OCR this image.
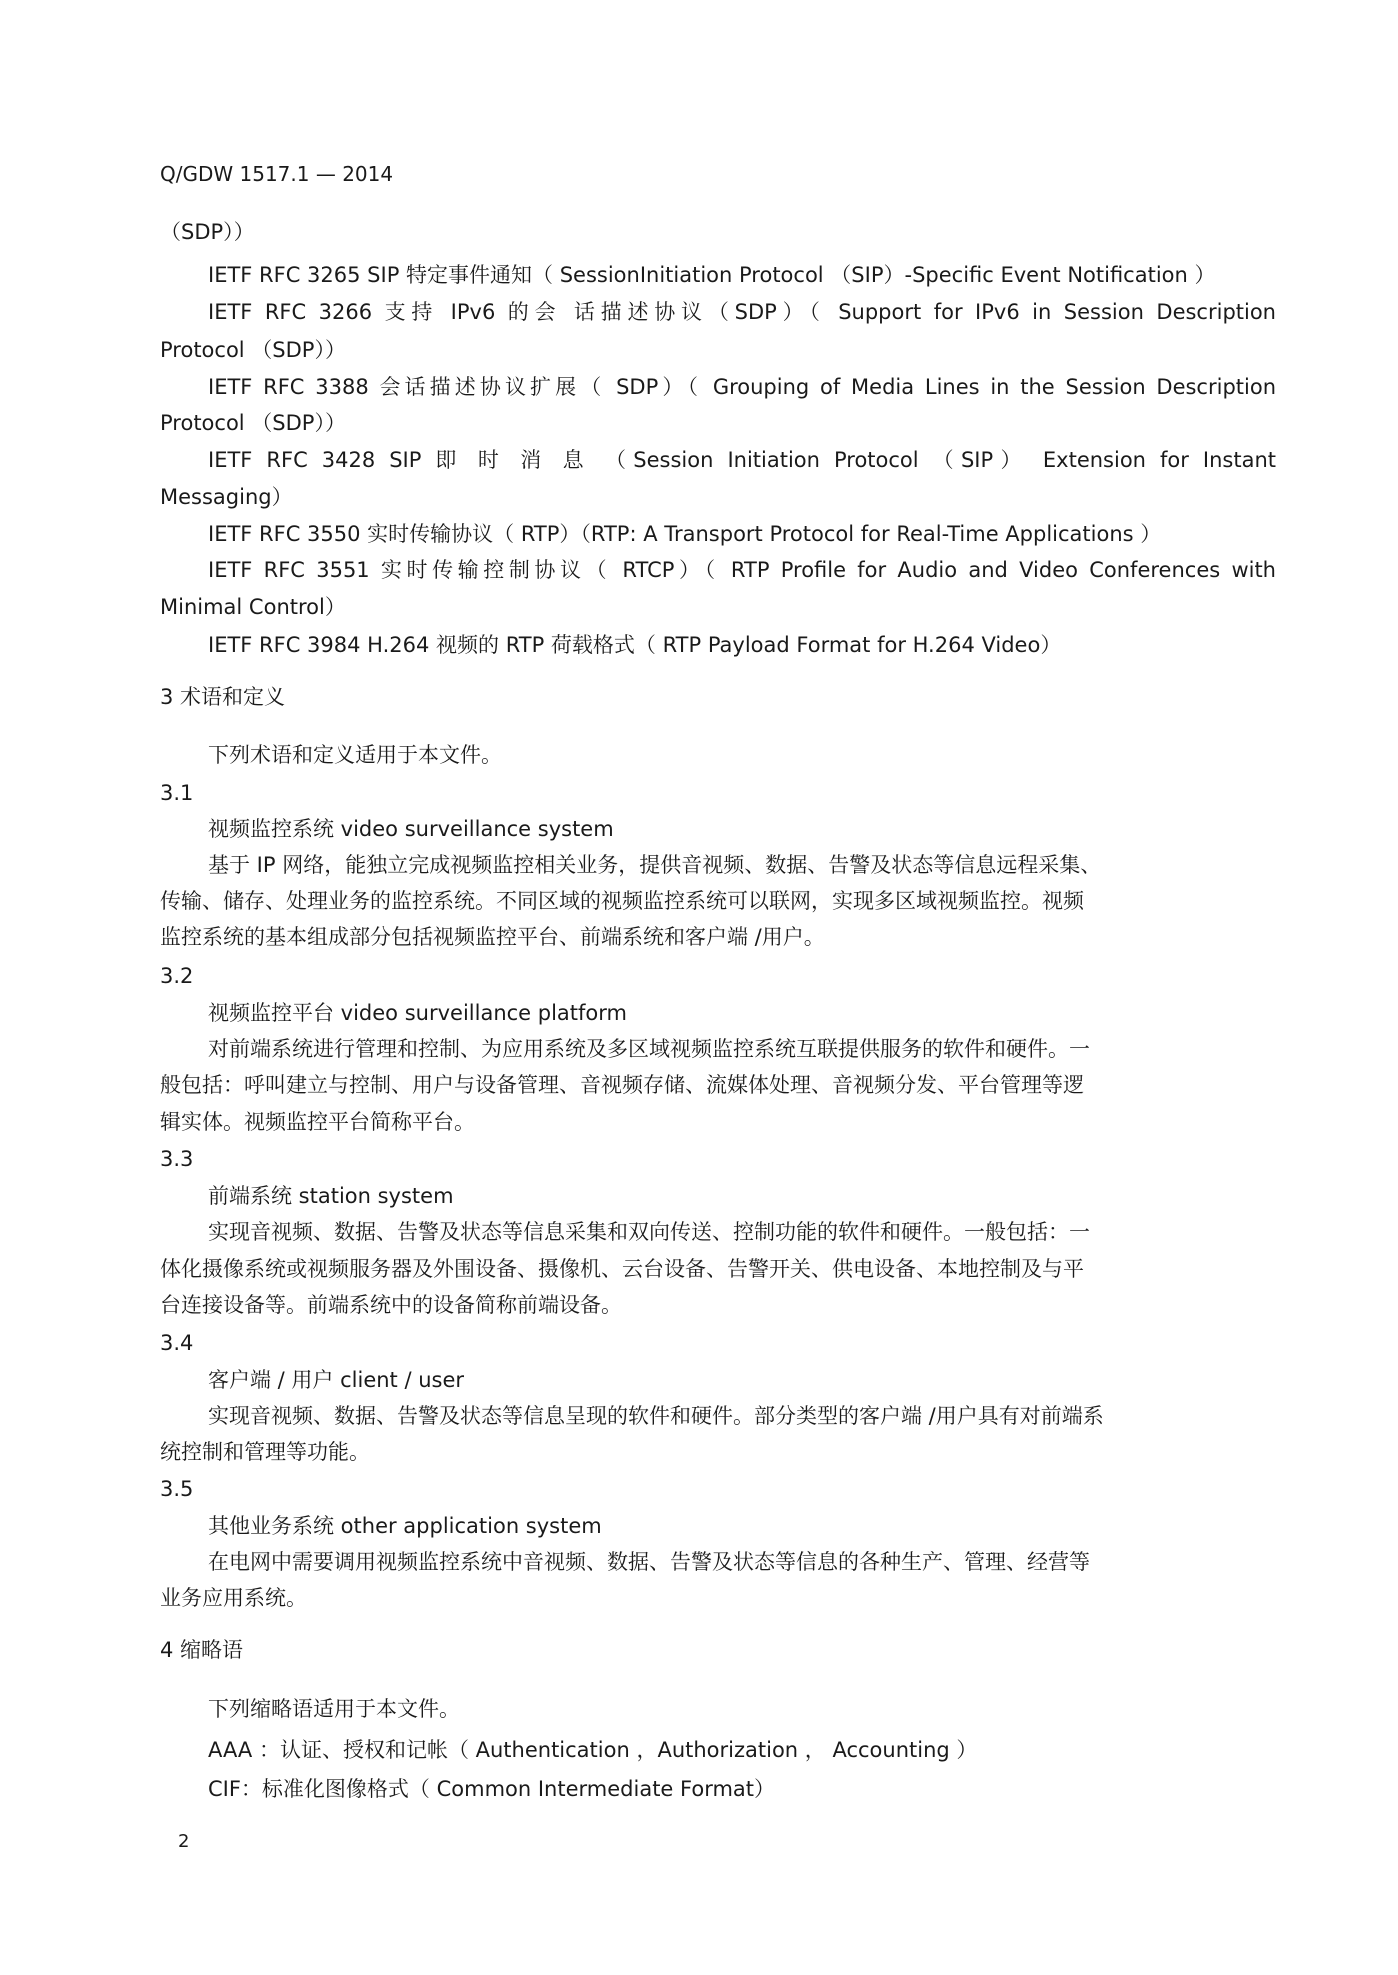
Q/GDW 1517.1 — 2014
（SDP））
IETF RFC 3265 SIP 特定事件通知（ SessionInitiation Protocol （SIP）-Specific Event Notification ）
IETF RFC 3266 支持 IPv6 的会 话描述协议（SDP）（ Support for IPv6 in Session Description
Protocol （SDP））
IETF RFC 3388 会话描述协议扩展（ SDP）（ Grouping of Media Lines in the Session Description
Protocol （SDP））
IETF RFC 3428 SIP 即 时 消 息 （Session Initiation Protocol （SIP） Extension for Instant
Messaging）
IETF RFC 3550 实时传输协议（ RTP）（RTP: A Transport Protocol for Real-Time Applications ）
IETF RFC 3551 实时传输控制协议（ RTCP）（ RTP Profile for Audio and Video Conferences with
Minimal Control）
IETF RFC 3984 H.264 视频的 RTP 荷载格式（ RTP Payload Format for H.264 Video）
3 术语和定义
下列术语和定义适用于本文件。
3.1
视频监控系统 video surveillance system
基于 IP 网络，能独立完成视频监控相关业务，提供音视频、数据、告警及状态等信息远程采集、
传输、储存、处理业务的监控系统。不同区域的视频监控系统可以联网，实现多区域视频监控。视频
监控系统的基本组成部分包括视频监控平台、前端系统和客户端 /用户。
3.2
视频监控平台 video surveillance platform
对前端系统进行管理和控制、为应用系统及多区域视频监控系统互联提供服务的软件和硬件。一
般包括：呼叫建立与控制、用户与设备管理、音视频存储、流媒体处理、音视频分发、平台管理等逻
辑实体。视频监控平台简称平台。
3.3
前端系统 station system
实现音视频、数据、告警及状态等信息采集和双向传送、控制功能的软件和硬件。一般包括：一
体化摄像系统或视频服务器及外围设备、摄像机、云台设备、告警开关、供电设备、本地控制及与平
台连接设备等。前端系统中的设备简称前端设备。
3.4
客户端 / 用户 client / user
实现音视频、数据、告警及状态等信息呈现的软件和硬件。部分类型的客户端 /用户具有对前端系
统控制和管理等功能。
3.5
其他业务系统 other application system
在电网中需要调用视频监控系统中音视频、数据、告警及状态等信息的各种生产、管理、经营等
业务应用系统。
4 缩略语
下列缩略语适用于本文件。
AAA ：认证、授权和记帐（ Authentication ，Authorization ， Accounting ）
CIF：标准化图像格式（ Common Intermediate Format）
2
